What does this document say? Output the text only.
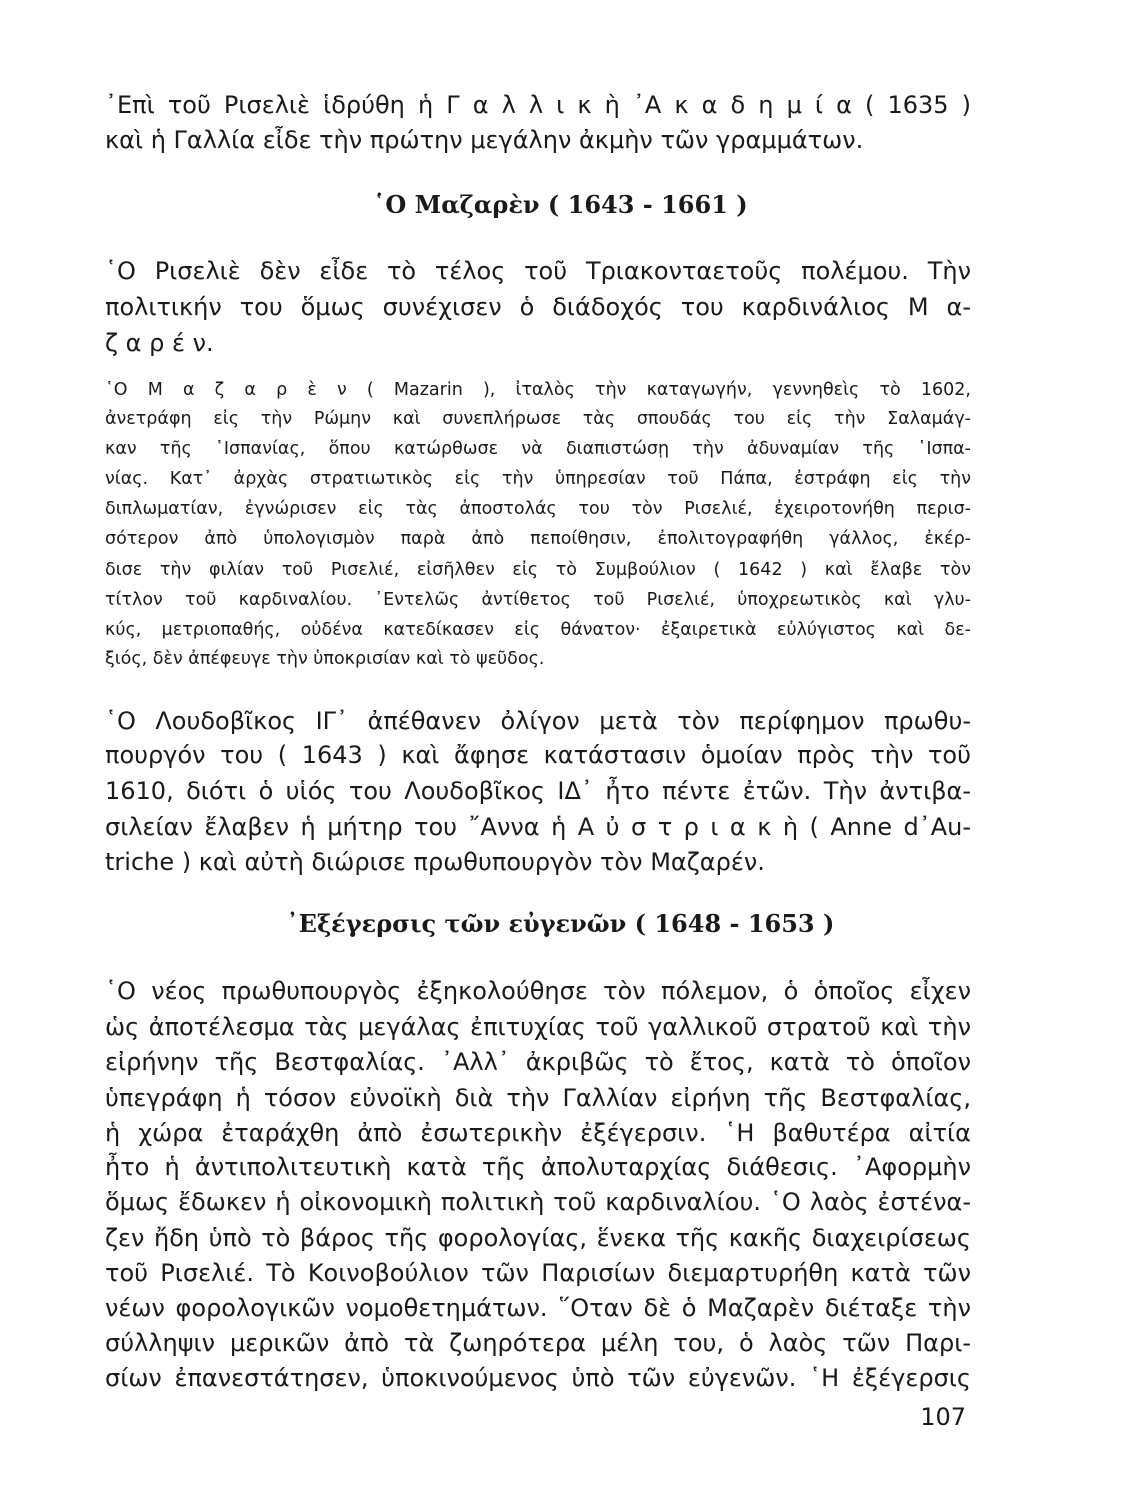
᾽Επὶ τοῦ Ρισελιὲ ἱδρύθη ἡ Γ α λ λ ι κ ὴ ᾽Α κ α δ η μ ί α ( 1635 )
καὶ ἡ Γαλλία εἶδε τὴν πρώτην μεγάλην ἀκμὴν τῶν γραμμάτων.
῾Ο Μαζαρὲν ( 1643 - 1661 )
῾Ο Ρισελιὲ δὲν εἶδε τὸ τέλος τοῦ Τριακονταετοῦς πολέμου. Τὴν
πολιτικήν του ὅμως συνέχισεν ὁ διάδοχός του καρδινάλιος Μ α-
ζ α ρ έ ν.
῾Ο Μ α ζ α ρ ὲ ν ( Mazarin ), ἰταλὸς τὴν καταγωγήν, γεννηθεὶς τὸ 1602,
ἀνετράφη εἰς τὴν Ρώμην καὶ συνεπλήρωσε τὰς σπουδάς του εἰς τὴν Σαλαμάγ-
καν τῆς ῾Ισπανίας, ὅπου κατώρθωσε νὰ διαπιστώσῃ τὴν ἀδυναμίαν τῆς ῾Ισπα-
νίας. Κατ᾽ ἀρχὰς στρατιωτικὸς εἰς τὴν ὑπηρεσίαν τοῦ Πάπα, ἐστράφη εἰς τὴν
διπλωματίαν, ἐγνώρισεν εἰς τὰς ἀποστολάς του τὸν Ρισελιέ, ἐχειροτονήθη περισ-
σότερον ἀπὸ ὑπολογισμὸν παρὰ ἀπὸ πεποίθησιν, ἐπολιτογραφήθη γάλλος, ἐκέρ-
δισε τὴν φιλίαν τοῦ Ρισελιέ, εἰσῆλθεν εἰς τὸ Συμβούλιον ( 1642 ) καὶ ἔλαβε τὸν
τίτλον τοῦ καρδιναλίου. ᾽Εντελῶς ἀντίθετος τοῦ Ρισελιέ, ὑποχρεωτικὸς καὶ γλυ-
κύς, μετριοπαθής, οὐδένα κατεδίκασεν εἰς θάνατον· ἐξαιρετικὰ εὐλύγιστος καὶ δε-
ξιός, δὲν ἀπέφευγε τὴν ὑποκρισίαν καὶ τὸ ψεῦδος.
῾Ο Λουδοβῖκος ΙΓ᾽ ἀπέθανεν ὀλίγον μετὰ τὸν περίφημον πρωθυ-
πουργόν του ( 1643 ) καὶ ἄφησε κατάστασιν ὁμοίαν πρὸς τὴν τοῦ
1610, διότι ὁ υἱός του Λουδοβῖκος ΙΔ᾽ ἦτο πέντε ἐτῶν. Τὴν ἀντιβα-
σιλείαν ἔλαβεν ἡ μήτηρ του ῎Αννα ἡ Α ὐ σ τ ρ ι α κ ὴ ( Anne d᾽Au-
triche ) καὶ αὐτὴ διώρισε πρωθυπουργὸν τὸν Μαζαρέν.
᾽Εξέγερσις τῶν εὐγενῶν ( 1648 - 1653 )
῾Ο νέος πρωθυπουργὸς ἐξηκολούθησε τὸν πόλεμον, ὁ ὁποῖος εἶχεν
ὡς ἀποτέλεσμα τὰς μεγάλας ἐπιτυχίας τοῦ γαλλικοῦ στρατοῦ καὶ τὴν
εἰρήνην τῆς Βεστφαλίας. ᾽Αλλ᾽ ἀκριβῶς τὸ ἔτος, κατὰ τὸ ὁποῖον
ὑπεγράφη ἡ τόσον εὐνοϊκὴ διὰ τὴν Γαλλίαν εἰρήνη τῆς Βεστφαλίας,
ἡ χώρα ἐταράχθη ἀπὸ ἐσωτερικὴν ἐξέγερσιν. ῾Η βαθυτέρα αἰτία
ἦτο ἡ ἀντιπολιτευτικὴ κατὰ τῆς ἀπολυταρχίας διάθεσις. ᾽Αφορμὴν
ὅμως ἔδωκεν ἡ οἰκονομικὴ πολιτικὴ τοῦ καρδιναλίου. ῾Ο λαὸς ἐστένα-
ζεν ἤδη ὑπὸ τὸ βάρος τῆς φορολογίας, ἕνεκα τῆς κακῆς διαχειρίσεως
τοῦ Ρισελιέ. Τὸ Κοινοβούλιον τῶν Παρισίων διεμαρτυρήθη κατὰ τῶν
νέων φορολογικῶν νομοθετημάτων. ῞Οταν δὲ ὁ Μαζαρὲν διέταξε τὴν
σύλληψιν μερικῶν ἀπὸ τὰ ζωηρότερα μέλη του, ὁ λαὸς τῶν Παρι-
σίων ἐπανεστάτησεν, ὑποκινούμενος ὑπὸ τῶν εὐγενῶν. ῾Η ἐξέγερσις
107
